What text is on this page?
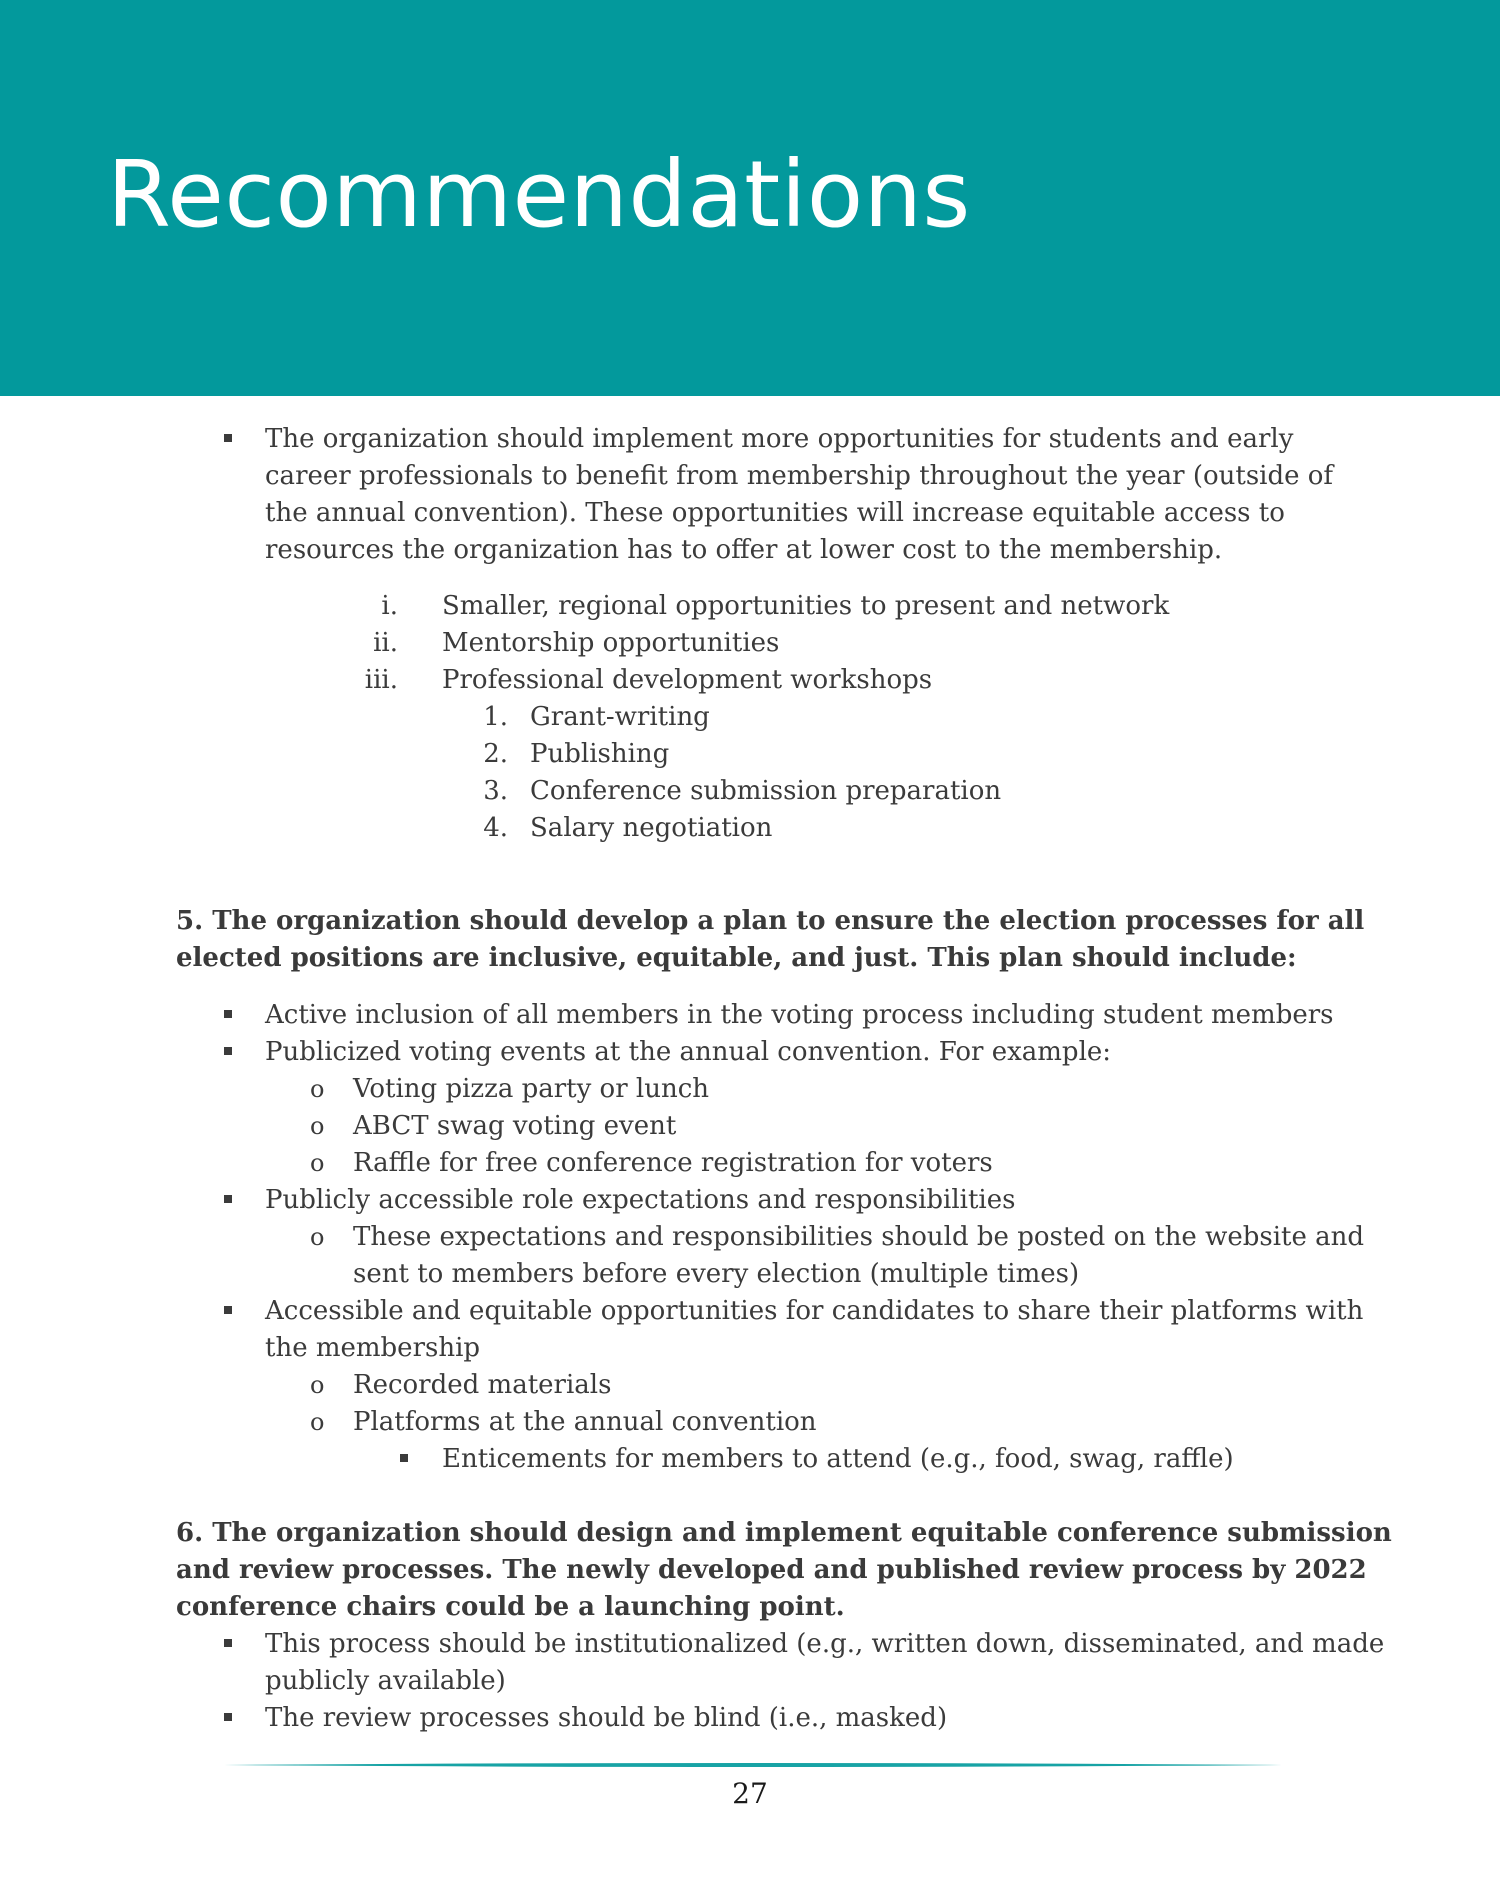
Recommendations
The organization should implement more opportunities for students and early
career professionals to benefit from membership throughout the year (outside of
the annual convention). These opportunities will increase equitable access to
resources the organization has to offer at lower cost to the membership.
i. Smaller, regional opportunities to present and network
ii. Mentorship opportunities
iii. Professional development workshops
1. Grant-writing
2. Publishing
3. Conference submission preparation
4. Salary negotiation
5. The organization should develop a plan to ensure the election processes for all
elected positions are inclusive, equitable, and just. This plan should include:
Active inclusion of all members in the voting process including student members
Publicized voting events at the annual convention. For example:
o Voting pizza party or lunch
o ABCT swag voting event
o Raffle for free conference registration for voters
Publicly accessible role expectations and responsibilities
o These expectations and responsibilities should be posted on the website and
sent to members before every election (multiple times)
Accessible and equitable opportunities for candidates to share their platforms with
the membership
o Recorded materials
o Platforms at the annual convention
Enticements for members to attend (e.g., food, swag, raffle)
6. The organization should design and implement equitable conference submission
and review processes. The newly developed and published review process by 2022
conference chairs could be a launching point.
This process should be institutionalized (e.g., written down, disseminated, and made
publicly available)
The review processes should be blind (i.e., masked)
27
